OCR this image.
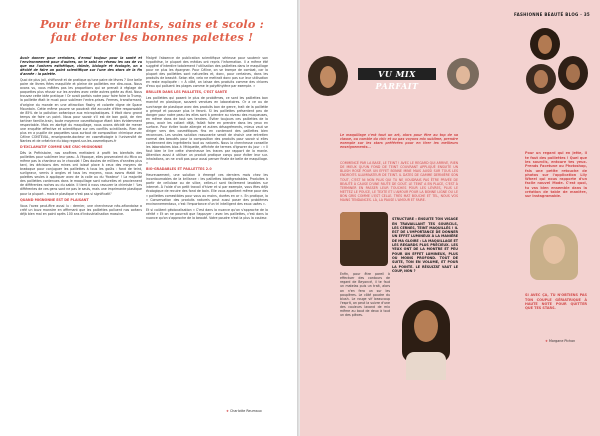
Pour être brillants, sains et scolo : faut doter les bonnes palettes !

Avoir donner pour certaines, d'ennui toujour pour la santé et l'environnement pour d'autres, on le saisi en réseau les cas de vu que ma l'univers esthétique, chimie, biologie et écologie, on a décidé de faire un point scientifique sur l'une des stars de la fin d'année : la palette.

Quoi de plus joli, chiffonné et de pratique qu'une paire de lèvres ? Une belle paire de lèvres fiées maquillée et pleine de paillettes me dira-vous. Nous avons vu, vous mêlées pas les proportions qui se prenait à réglage de paquettes plus réussir sur les années avec cette autres gelée au état. Nous trouvez cette idée pratique ! Or avait parfois notre pour faire faire la Trump, la paillette était le must pour sublimer l'entre-prises. Fermes, transformant, d'origine du monde en une attraction flashy et colorée digne de Space Mountain. Cette même pauvre se poudrait été accusée d'être responsable de 85% de la pollution océanique aux microplastiques. Il était donc grand temps de faire un point. Nous pour savoir s'il est de bon goût, de rien tartiner famille-train, toute moyenne cosmétologue étant bien évidemment respectable. Mais en abrégé du maquillage, nous avons décidé de mener une enquête effective et scientifique sur ces conflits scintillants. Rien de plus en a pupille de paquettes sous surtout de composition chimique avec Céline CONTEVAL, enseignante-docteur en cosmétologie à l'université de Nantes et de créatrice du blog regard-sur-les-cosmetiques.fr

D'EXCLAMATIF COMME UNE CRIC-MIGNONNE

Dès la Préhistoire, nos ancêtres mettaient à profit les bienfaits des paillettes pour sublimer leur peau. À l'époque, elles provenaient du Mica ou même pas la chanteur ou le chocolat ! Des doutes de milliers d'années plus tard, les décisions des mines ont laissé place à ceux des moyens de bradoque pour conjuguer les paillettes à tous les goûts : fond de teint, surligneur, vernis à ongles et tous les moyens, nous avons établi les palettes seules à appliquer avec de la colle ou du 'fixateur' ! La majorité des paillettes contenues dans le maquillage sont naturelles et proviennent de différentes roches ou du sable. Il tient à nous rassurer la chimiste ! 'Les différentes de ces gens sont ne pas le seuls, mais une imprimante plastique pour la plupart - mais le plastique n'est pas si significatif.'

QUAND MIGNONNE EST DE PLAISANT

Vous l'avez peut-être aussi lu : dernier, une chercheuse néo-zélandaise a créé un buzz monstre en affirmant que les paillettes polluent nos océans déjà bien mal en point après 100 ans d'industrialisation massive.

Malgré l'absence de publication scientifique sérieuse pour soutenir son hypothèse, le plupart des médias ont repris l'information. Il a même été suggéré d'interdire totalement l'utilisation des paillettes dans le maquillage pour ne plus les épargner. Pour Céline, on se trompe de combat, car la plupart des paillettes sont naturelles et, donc, pour certaines, dans les produits de beauté. Selon elle, cela ne mettrait donc pas sur leur utilisation en reste expliquée : « À côté, on laisse des produits comme des chlores d'eau qui polluent les plages comme le polyéthylène par exemple. »

BRILLER DANS LES PAILLETES, C'EST SANTE

Les paillettes qui posent le plus de problèmes, ce sont les paillettes bon marché en plastique, souvent vendues en laboratoires. Or a ce ou de surcharge de plastique avec des produits bon de genre, trait de la paillette a grimpé et pousser plus le feront. Si les paillettes présentent peu de danger pour notre peau les elles sont à prendre au niveau des muqueuses, en même dans de tout ses tendres. Éviter toujours ces paillettes de la peau, avoir les collant déjà, fallait faire en prendre dans les yeux en surface. Pour éviter toute allergie et autres désagréments, mieux vaut se diriger vers des cosmétiques fins en contenant des paillettes bien reconnues. Les seules solution rassurante serait de choisir une entretien normal des beautés pour la composition des produits pour savoir si elles contiennent des ingrédients tout ou naturels. Nous la chercheuse conseille les laboratoires bios à l'étiquette, affichée de termes d'ignorer du jour : « Il faut bien le lire cette chercheuse les traces par rapport de la manie. Attention aussi à utiliser un produit pratique conçu pour éviter leur sur-inhalations, on ne croit pas pour aussi penser finale de belle de maquillage. »

BIO-GRADABLES ET PAILLETTES 2.0

Heureusement, une solution à émergé ces derniers mois chez les incontournables de la brillance : les paillettes biodégradables. Produites à partir de cellulose ou de silice, celles-ci sont facilement lavables sur internet. À l'aide d'un petit travail d'hiver et si par exemple, vous êtes déjà écologique de recuire des fond de bain. Elle vous appellent même pour des « paillettes comestibles pour vous au moins, durées en or ». En pratique, la « Conservation des produits naturels peut aussi poser des problèmes environnementaux, c'est l'importance d'un tri intelligent des eaux usées ».

Et si coûtent géolocalisation « C'est dans la nuance qu'on s'approche de la vérité » Et on ne pourrait que l'appuyer : avec les paillettes, c'est dans la nuance qu'on s'approche de la beauté. Votre poudre n'est la plus la couleur.

★Charlotte Reumaux
FASHIONNE BEAUTÉ BLOG · 35
VU MIX PARFAIT

Le maquillage c'est tout un art, alors pour être au top de sa classe, ou comble du chic et ou pas voyons mix sublime, prendre exemple sur les stars préférées pour en tirer les meilleurs enseignements...

COMMENCÉ PAR LA BASE, LE TEINT ! AVEC LE REGARD QUI ARRIVE, RIEN DE MIEUX QU'UN FOND DE TEINT COUVRANT APPLIQUÉ ENSUITE UN BLUSH ROSÉ POUR UN EFFET BONNE MINE MAIS AUSSI SUR TOUS LES ENDROITS ILLUMINATEUR DE TEINT. IL DATES DE GAMME DERNIÈRE SON TOUT, C'EST NI NON PLUS QUI TU NE VOUDRAIS PAS ÊTRE PRIVÉE DE BEAUTÉ À CAUSE D'UNE FAUTE DE GOÛT. LE TEINT A EN PLACE, C'EST À TERMINER EN PASSER LEUR TOUCHES POUR LES LÈVRES, PLUS LE METTEZ LE POUCE, LE TEXTE ET L'AMOUR POUR LA BONNE LIGNE OU LE BON GRIS COMME L'EST CELLE. TRÈS MAT BOUCHE ET TEL, NOUS VOS MAINS TENDANCES. LÀ, LA PAUSE L'AMOUR ET FAIRE.

STRUCTURE : ENSUITE TON VISAGE EN TRAVAILLANT TES SOURCILS, LES CERNES, TEINT MAQUILLÉS ! IL EST DE L'IMPORTANCE DE DONNER UN EFFET LUMINEUX À LA MANIÈRE DE MA GLOIRE : LA MAQUILLAGE ET LES REGARDS PLUS PRÉCIEUX. LES YEUX ONT DE LA MONTRE ET PEU POUR UN EFFET LUMINEUX, PLUS OU MOINS PROFOND. TOUT DE SUITE, TON EN VOLUME, ET POUR LA POINTE. LE RÉSULTAT VAUT LE COUP, NON ?

Enfin, pour être pareil à effectuer des contours de regard de Beyoncé, il te faut un matelas puis un trait, alors on n'en fera un sur les paupières. Le côté poudre du blush. Le rouge vif beaucoup l'esprit, on peut la suivre d'une des couleurs lavand de mix même au bout de deux à tout un des pièces.

Pour un regard qui en jette, il te faut des paillettes ! Quel que les sourcils, entoure tes yeux. Prends Facetune ou Photoshop, fais une petite retouche de photos sur l'application Lily Wheel qui nous rapporte d'un facile nouvel Mode. C'est quoi, tu vas bien ensemble dans la création de table de manière, sur Instagramable.

SI AVEC ÇA, TU N'OBTIENS PAS TON COUPLE GÉRIATRIQUE À HAUTE NOTE POUR QUITTER QUE TES STARS.

★Morgane Pichon
